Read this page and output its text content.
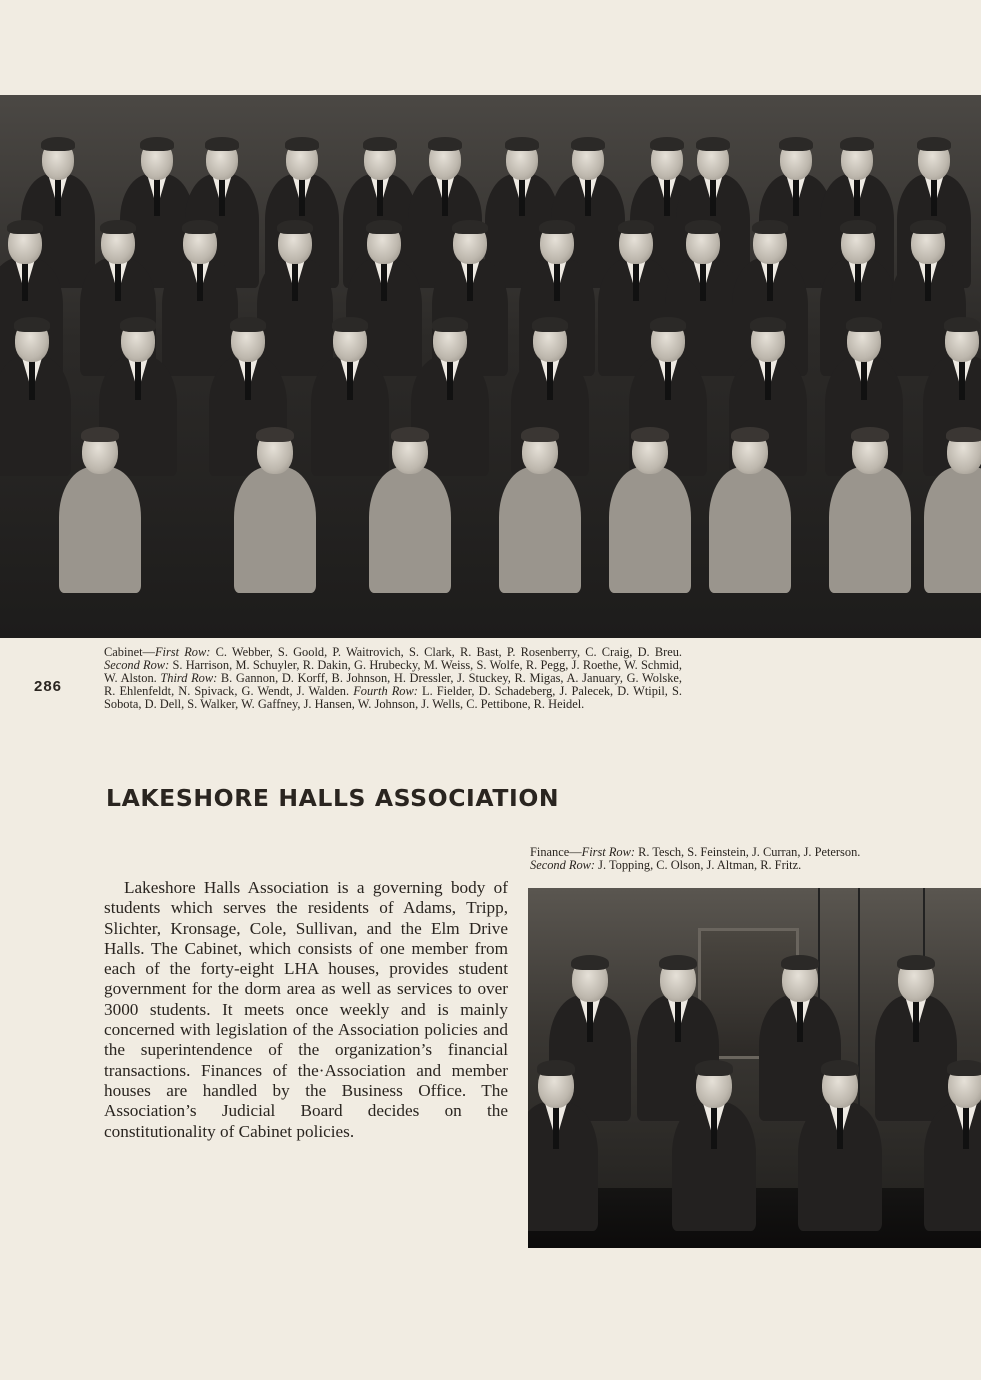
286

Cabinet—First Row: C. Webber, S. Goold, P. Waitrovich, S. Clark, R. Bast, P. Rosenberry, C. Craig, D. Breu. Second Row: S. Harrison, M. Schuyler, R. Dakin, G. Hrubecky, M. Weiss, S. Wolfe, R. Pegg, J. Roethe, W. Schmid, W. Alston. Third Row: B. Gannon, D. Korff, B. Johnson, H. Dressler, J. Stuckey, R. Migas, A. January, G. Wolske, R. Ehlenfeldt, N. Spivack, G. Wendt, J. Walden. Fourth Row: L. Fielder, D. Schadeberg, J. Palecek, D. Wtipil, S. Sobota, D. Dell, S. Walker, W. Gaffney, J. Hansen, W. Johnson, J. Wells, C. Pettibone, R. Heidel.

LAKESHORE HALLS ASSOCIATION

Finance—First Row: R. Tesch, S. Feinstein, J. Curran, J. Peterson.
Second Row: J. Topping, C. Olson, J. Altman, R. Fritz.

Lakeshore Halls Association is a governing body of students which serves the residents of Adams, Tripp, Slichter, Kronsage, Cole, Sullivan, and the Elm Drive Halls. The Cabinet, which consists of one member from each of the forty-eight LHA houses, provides student government for the dorm area as well as services to over 3000 students. It meets once weekly and is mainly concerned with legislation of the Association policies and the superintendence of the organization’s financial transactions. Finances of the·Association and member houses are handled by the Business Office. The Association’s Judicial Board decides on the constitutionality of Cabinet policies.
